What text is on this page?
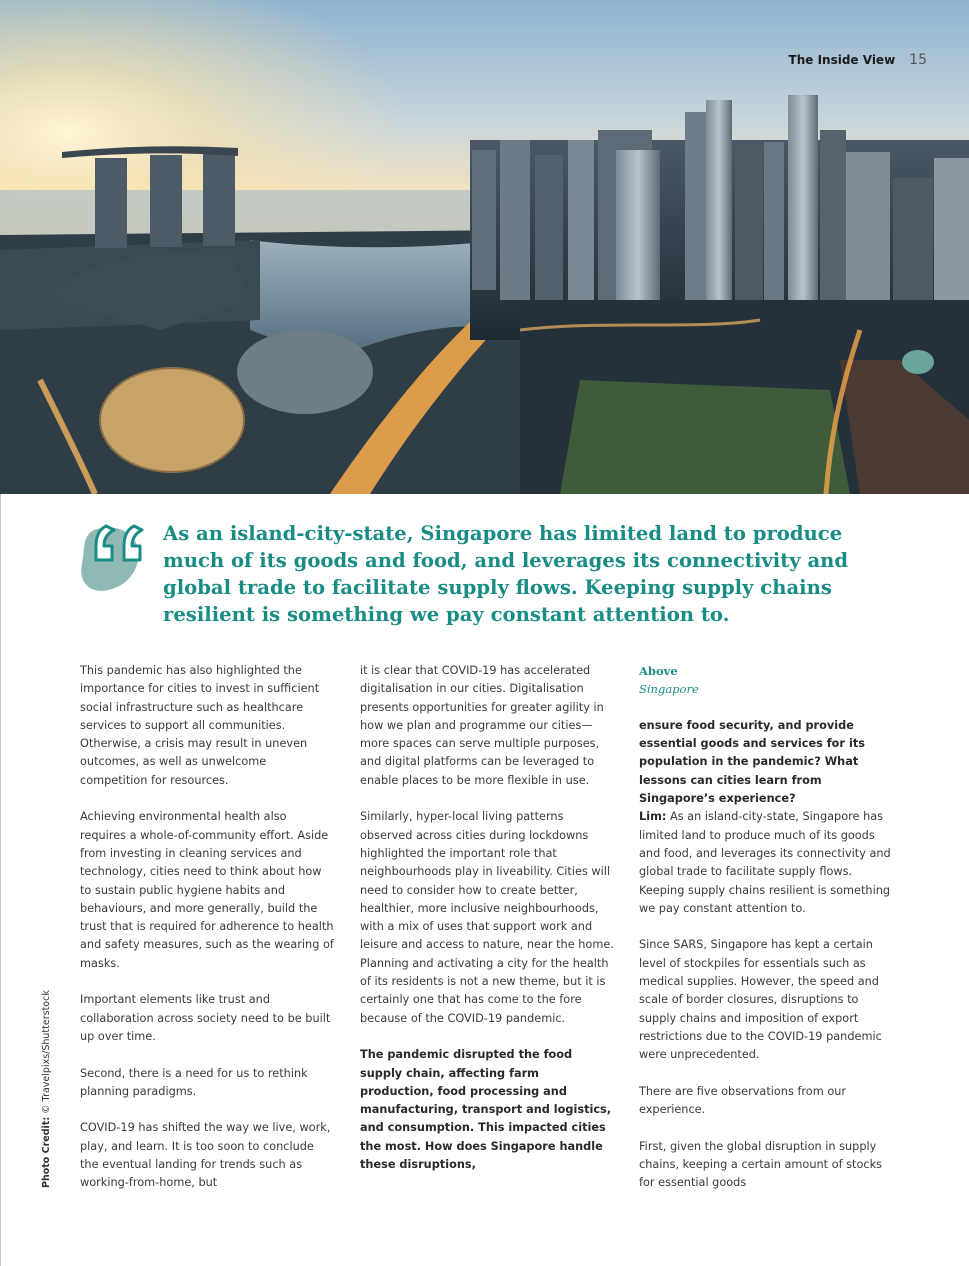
The Inside View 15

As an island-city-state, Singapore has limited land to produce much of its goods and food, and leverages its connectivity and global trade to facilitate supply flows. Keeping supply chains resilient is something we pay constant attention to.

This pandemic has also highlighted the importance for cities to invest in sufficient social infrastructure such as healthcare services to support all communities. Otherwise, a crisis may result in uneven outcomes, as well as unwelcome competition for resources.

Achieving environmental health also requires a whole-of-community effort. Aside from investing in cleaning services and technology, cities need to think about how to sustain public hygiene habits and behaviours, and more generally, build the trust that is required for adherence to health and safety measures, such as the wearing of masks.

Important elements like trust and collaboration across society need to be built up over time.

Second, there is a need for us to rethink planning paradigms.

COVID-19 has shifted the way we live, work, play, and learn. It is too soon to conclude the eventual landing for trends such as working-from-home, but

it is clear that COVID-19 has accelerated digitalisation in our cities. Digitalisation presents opportunities for greater agility in how we plan and programme our cities—more spaces can serve multiple purposes, and digital platforms can be leveraged to enable places to be more flexible in use.

Similarly, hyper-local living patterns observed across cities during lockdowns highlighted the important role that neighbourhoods play in liveability. Cities will need to consider how to create better, healthier, more inclusive neighbourhoods, with a mix of uses that support work and leisure and access to nature, near the home. Planning and activating a city for the health of its residents is not a new theme, but it is certainly one that has come to the fore because of the COVID-19 pandemic.

The pandemic disrupted the food supply chain, affecting farm production, food processing and manufacturing, transport and logistics, and consumption. This impacted cities the most. How does Singapore handle these disruptions,

Above
Singapore
ensure food security, and provide essential goods and services for its population in the pandemic? What lessons can cities learn from Singapore’s experience?

Lim: As an island-city-state, Singapore has limited land to produce much of its goods and food, and leverages its connectivity and global trade to facilitate supply flows. Keeping supply chains resilient is something we pay constant attention to.

Since SARS, Singapore has kept a certain level of stockpiles for essentials such as medical supplies. However, the speed and scale of border closures, disruptions to supply chains and imposition of export restrictions due to the COVID-19 pandemic were unprecedented.

There are five observations from our experience.

First, given the global disruption in supply chains, keeping a certain amount of stocks for essential goods

Photo Credit: © Travelpixs/Shutterstock
